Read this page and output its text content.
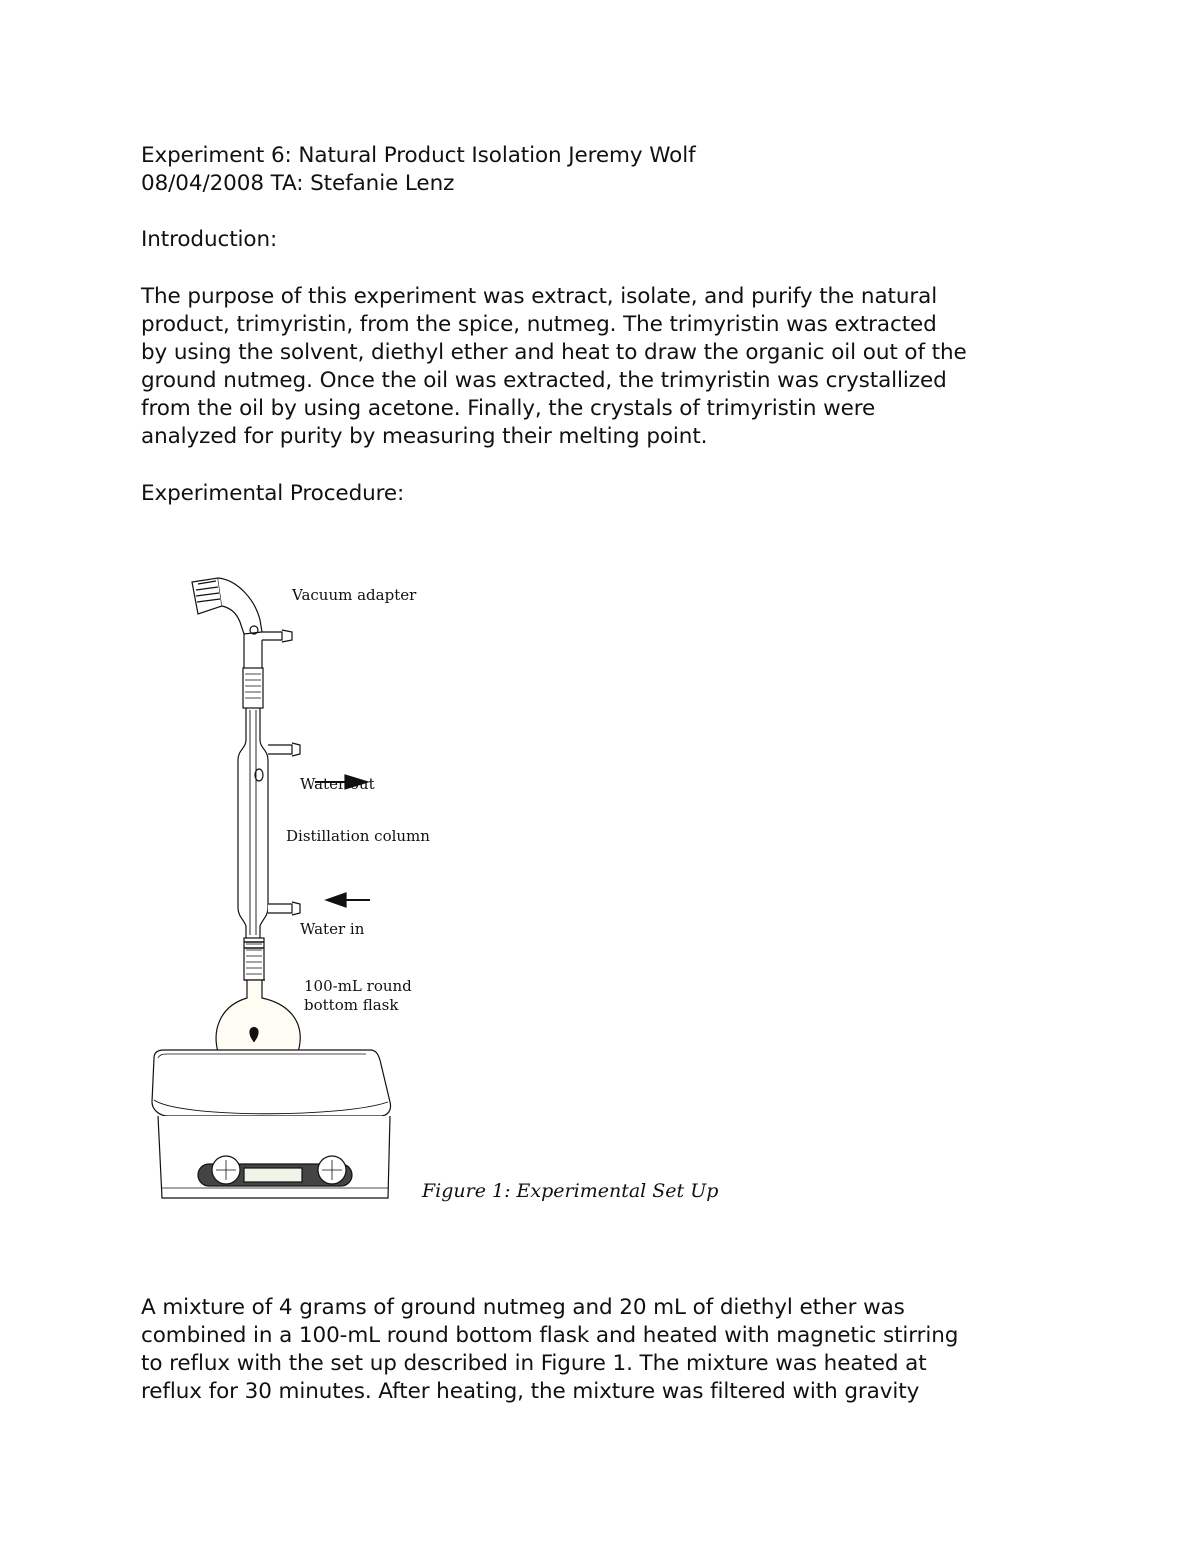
Experiment 6: Natural Product Isolation Jeremy Wolf
08/04/2008 TA: Stefanie Lenz
Introduction:
The purpose of this experiment was extract, isolate, and purify the natural
product, trimyristin, from the spice, nutmeg. The trimyristin was extracted
by using the solvent, diethyl ether and heat to draw the organic oil out of the
ground nutmeg. Once the oil was extracted, the trimyristin was crystallized
from the oil by using acetone. Finally, the crystals of trimyristin were
analyzed for purity by measuring their melting point.
Experimental Procedure:
Vacuum adapter
Water out
Distillation column
Water in
100-mL round
bottom flask
Figure 1: Experimental Set Up
A mixture of 4 grams of ground nutmeg and 20 mL of diethyl ether was
combined in a 100-mL round bottom flask and heated with magnetic stirring
to reflux with the set up described in Figure 1. The mixture was heated at
reflux for 30 minutes. After heating, the mixture was filtered with gravity
